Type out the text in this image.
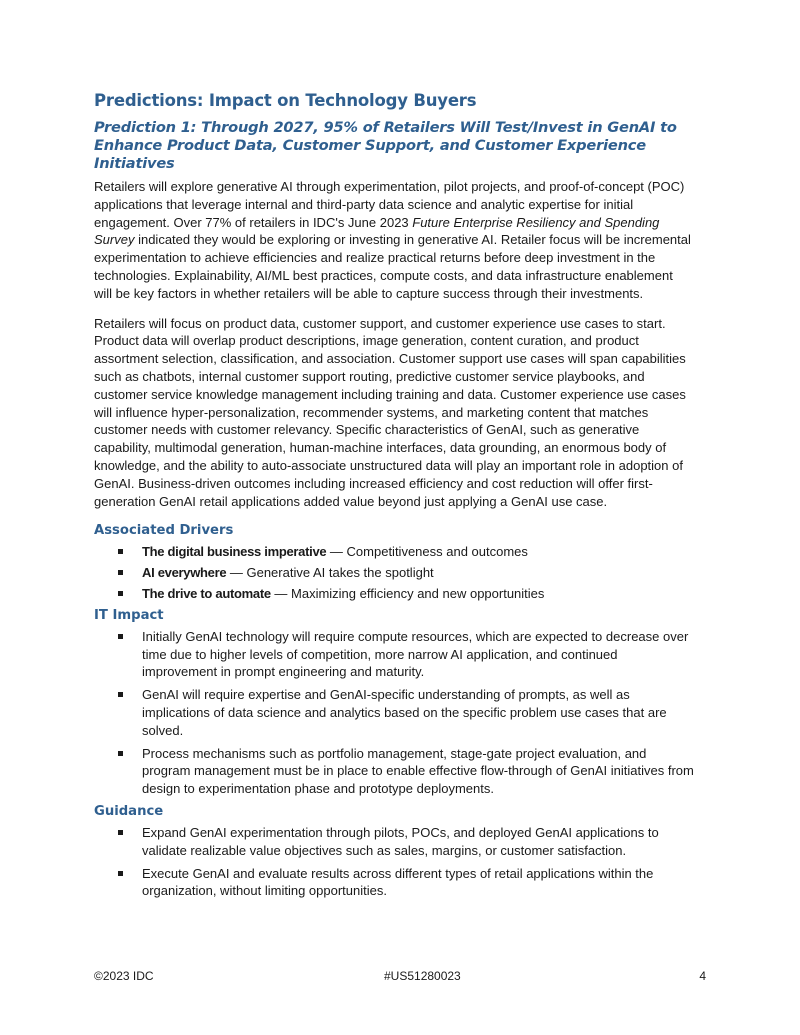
Predictions: Impact on Technology Buyers
Prediction 1: Through 2027, 95% of Retailers Will Test/Invest in GenAI to Enhance Product Data, Customer Support, and Customer Experience Initiatives

Retailers will explore generative AI through experimentation, pilot projects, and proof-of-concept (POC) applications that leverage internal and third-party data science and analytic expertise for initial engagement. Over 77% of retailers in IDC's June 2023 Future Enterprise Resiliency and Spending Survey indicated they would be exploring or investing in generative AI. Retailer focus will be incremental experimentation to achieve efficiencies and realize practical returns before deep investment in the technologies. Explainability, AI/ML best practices, compute costs, and data infrastructure enablement will be key factors in whether retailers will be able to capture success through their investments.

Retailers will focus on product data, customer support, and customer experience use cases to start. Product data will overlap product descriptions, image generation, content curation, and product assortment selection, classification, and association. Customer support use cases will span capabilities such as chatbots, internal customer support routing, predictive customer service playbooks, and customer service knowledge management including training and data. Customer experience use cases will influence hyper-personalization, recommender systems, and marketing content that matches customer needs with customer relevancy. Specific characteristics of GenAI, such as generative capability, multimodal generation, human-machine interfaces, data grounding, an enormous body of knowledge, and the ability to auto-associate unstructured data will play an important role in adoption of GenAI. Business-driven outcomes including increased efficiency and cost reduction will offer first-generation GenAI retail applications added value beyond just applying a GenAI use case.

Associated Drivers
The digital business imperative — Competitiveness and outcomes
AI everywhere — Generative AI takes the spotlight
The drive to automate — Maximizing efficiency and new opportunities
IT Impact
Initially GenAI technology will require compute resources, which are expected to decrease over time due to higher levels of competition, more narrow AI application, and continued improvement in prompt engineering and maturity.
GenAI will require expertise and GenAI-specific understanding of prompts, as well as implications of data science and analytics based on the specific problem use cases that are solved.
Process mechanisms such as portfolio management, stage-gate project evaluation, and program management must be in place to enable effective flow-through of GenAI initiatives from design to experimentation phase and prototype deployments.
Guidance
Expand GenAI experimentation through pilots, POCs, and deployed GenAI applications to validate realizable value objectives such as sales, margins, or customer satisfaction.
Execute GenAI and evaluate results across different types of retail applications within the organization, without limiting opportunities.
©2023 IDC	#US51280023	4
